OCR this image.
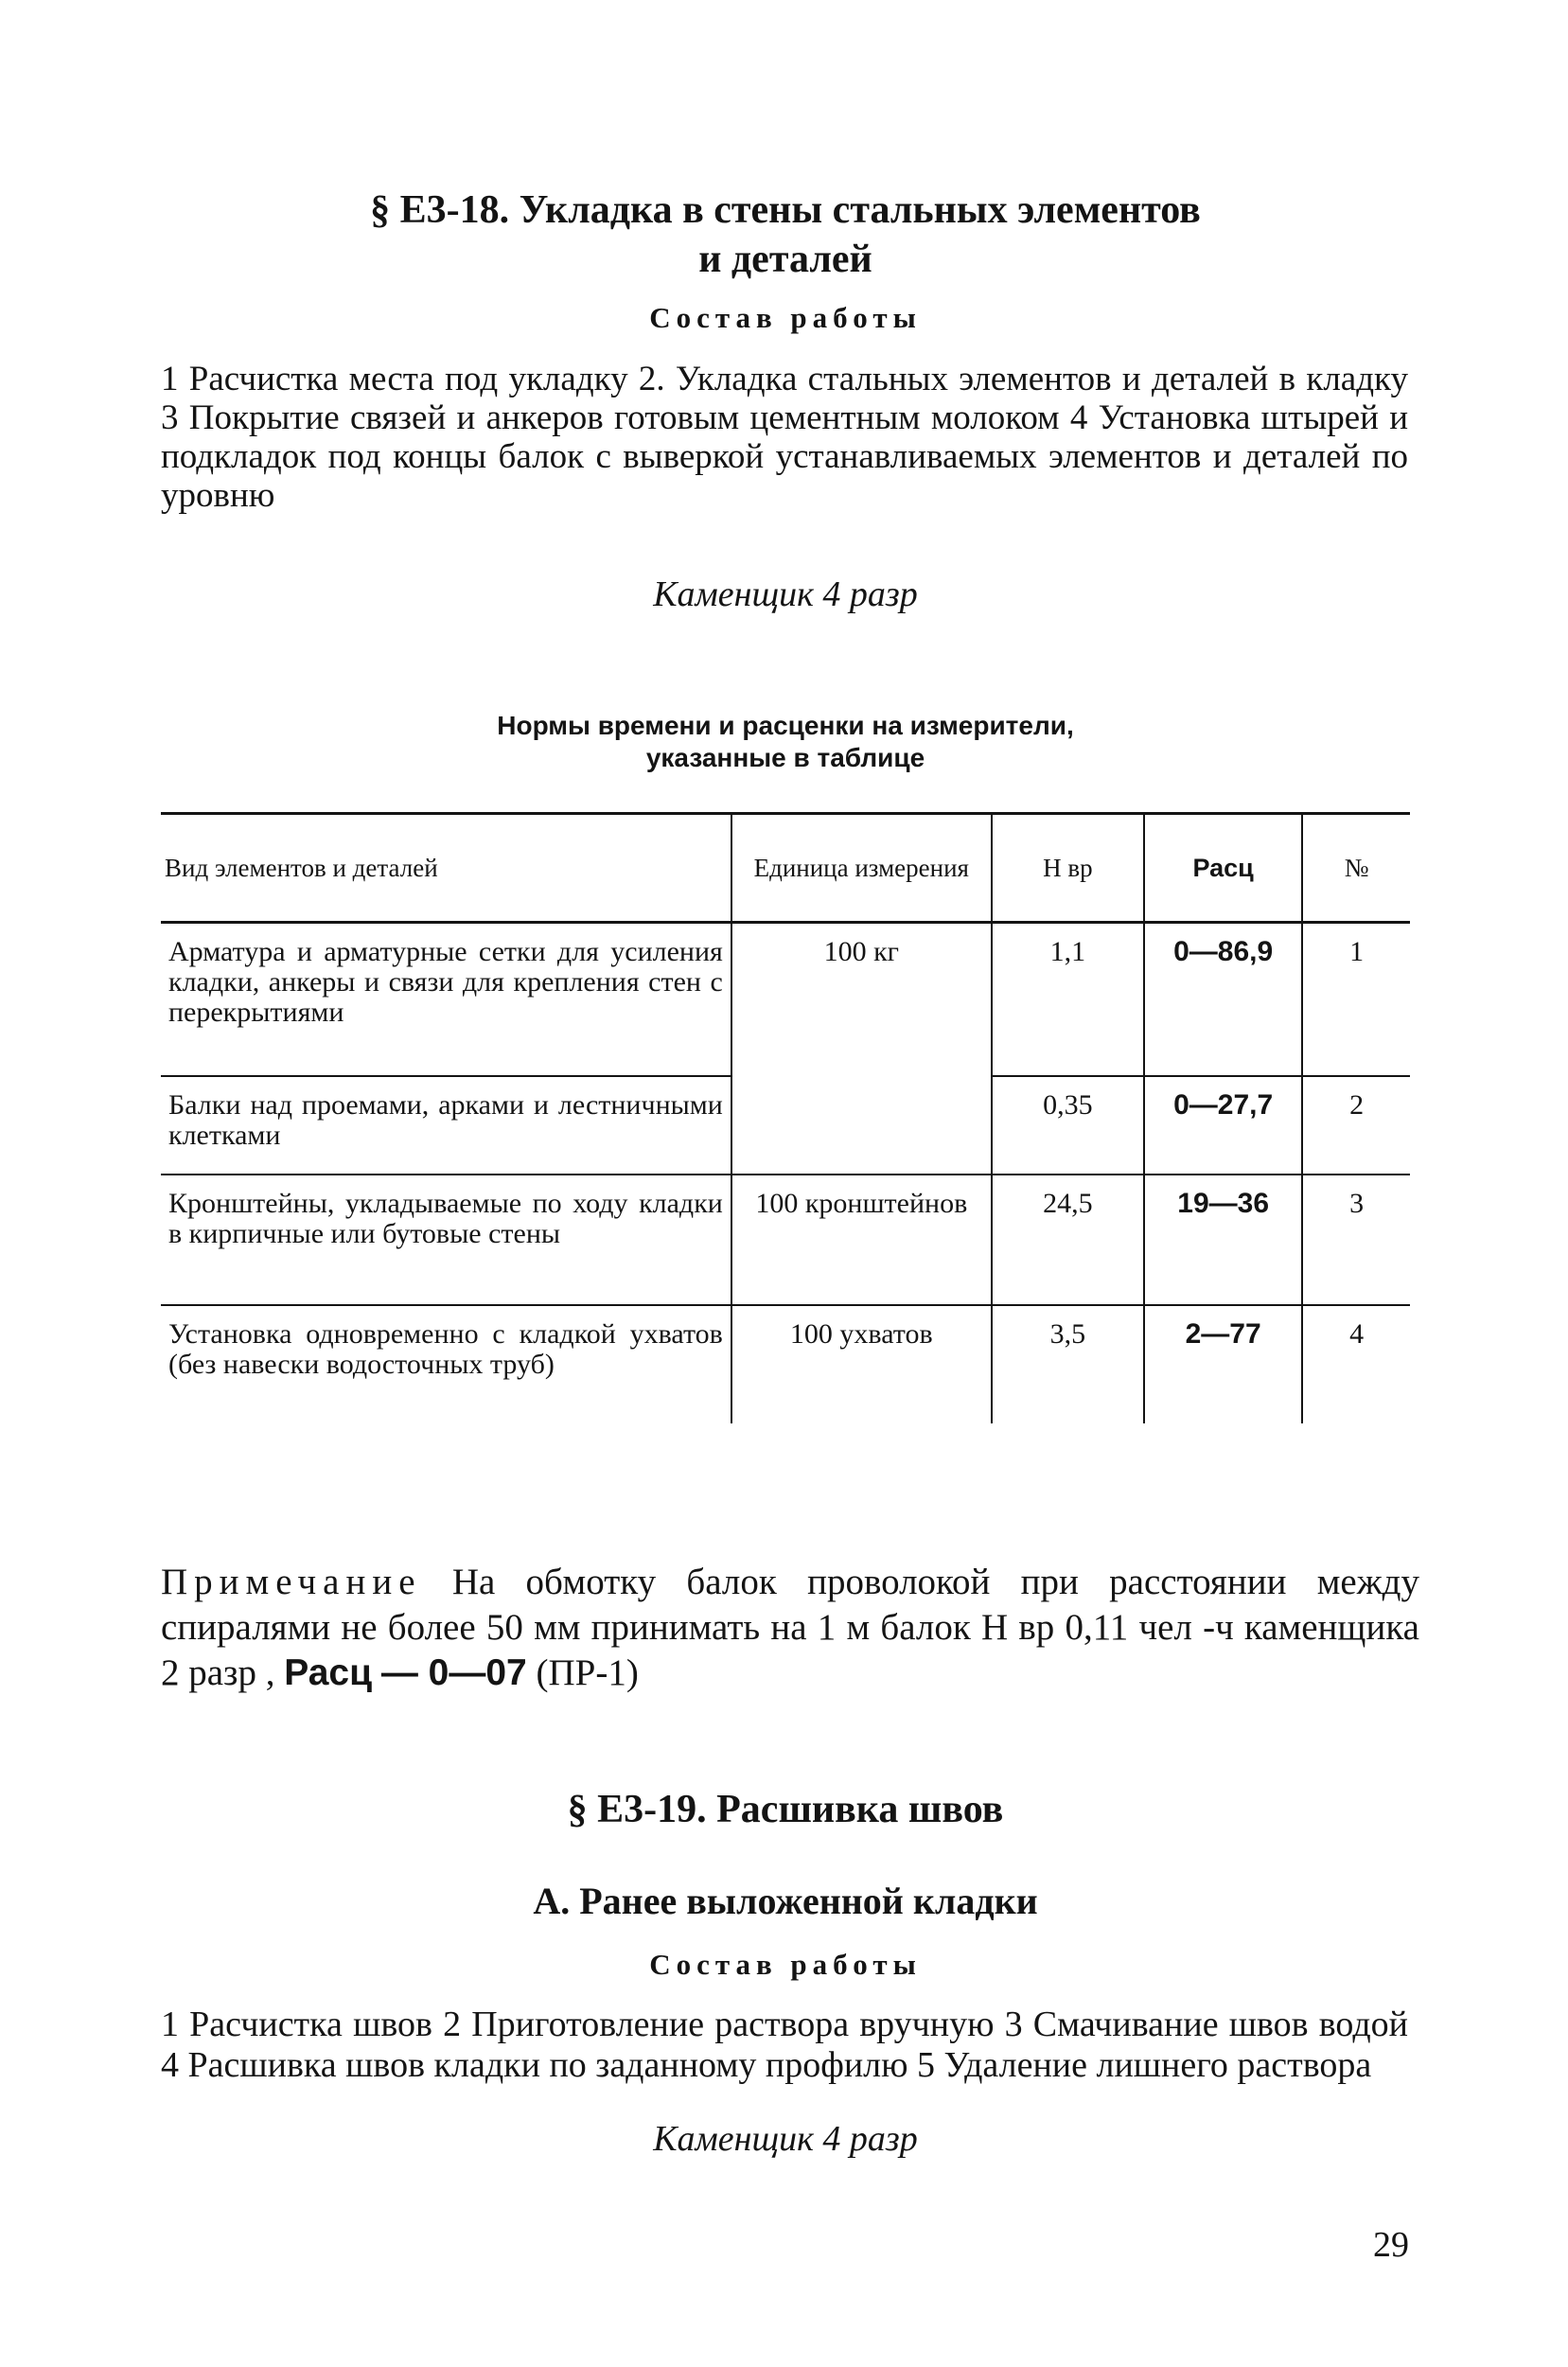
§ Е3-18. Укладка в стены стальных элементов
и деталей
Состав работы
1 Расчистка места под укладку 2. Укладка стальных элементов и деталей в кладку 3 Покрытие связей и анкеров готовым цементным молоком 4 Установка штырей и подкладок под концы балок с выверкой устанавливаемых элементов и деталей по уровню
Каменщик 4 разр
Нормы времени и расценки на измерители,
указанные в таблице
Вид элементов и деталей	Единица измерения	Н вр	Расц	№
Арматура и арматурные сетки для усиления кладки, анкеры и связи для крепления стен с перекрытиями	100 кг	1,1	0—86,9	1
Балки над проемами, арками и лестничными клетками		0,35	0—27,7	2
Кронштейны, укладываемые по ходу кладки в кирпичные или бутовые стены	100 кронштейнов	24,5	19—36	3
Установка одновременно с кладкой ухватов (без навески водосточных труб)	100 ухватов	3,5	2—77	4
Примечание На обмотку балок проволокой при расстоянии между спиралями не более 50 мм принимать на 1 м балок Н вр 0,11 чел -ч каменщика 2 разр , Расц — 0—07 (ПР-1)
§ Е3-19. Расшивка швов
А. Ранее выложенной кладки
Состав работы
1 Расчистка швов 2 Приготовление раствора вручную 3 Смачивание швов водой 4 Расшивка швов кладки по заданному профилю 5 Удаление лишнего раствора
Каменщик 4 разр
29
